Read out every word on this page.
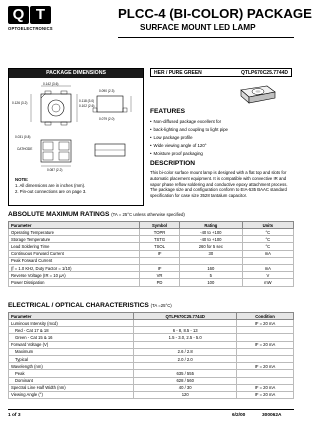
Q T
OPTOELECTRONICS
PLCC-4 (BI-COLOR) PACKAGE
SURFACE MOUNT LED LAMP
PACKAGE DIMENSIONS
0.142 (3.6)
0.126 (3.2)	0.118 (3.0)
0.102 (2.6)
0.090 (2.3)
0.079 (2.0)
0.031 (0.8)
CATHODE
0.087 (2.2)
NOTE:
1. All dimensions are in inches (mm).
2. Pin-out connections are on page 3.
HER / PURE GREEN	QTLP670C25.7744D
FEATURES
• Non-diffused package excellent for
• back-lighting and coupling to light pipe
• Low package profile
• Wide viewing angle of 120°
• Moisture proof packaging
DESCRIPTION
This bi-color surface mount lamp is designed with a flat top and slots for automatic placement equipment. It is compatible with convective IR and vapor phase reflow soldering and conductive epoxy attachment process. The package size and configuration conform to EIA-535 BAAC standard specification for case size 3528 tantalum capacitor.
ABSOLUTE MAXIMUM RATINGS (TA = 25°C unless otherwise specified)
Parameter	Symbol	Rating	Units
Operating Temperature	TOPR	-40 to +100	°C
Storage Temperature	TSTG	-40 to +100	°C
Lead Soldering Time	TSOL	260 for 5 sec	°C
Continuous Forward Current	IF	30	mA
Peak Forward Current			
(f = 1.0 KHz, Duty Factor = 1/10)	IF	160	mA
Reverse Voltage (IR = 10 µA)	VR	5	V
Power Dissipation	PD	100	mW
ELECTRICAL / OPTICAL CHARACTERISTICS (TA =25°C)
Parameter	QTLP670C25.7744D	Condition
Luminous Intensity (mcd)		IF = 20 mA
Red - Cat 17 & 18	6 - 8, 8.5 - 13	
Green - Cat 15 & 16	1.5 - 3.0, 2.5 - 5.0	
Forward Voltage (V)		IF = 20 mA
Maximum	2.6 / 2.8	
Typical	2.0 / 2.0	
Wavelength (nm)		IF = 20 mA
Peak	635 / 555	
Dominant	628 / 560	
Spectral Line Half Width (nm)	40 / 30	IF = 20 mA
Viewing Angle (°)	120	IF = 20 mA
1 of 3	6/2/00	300062A
